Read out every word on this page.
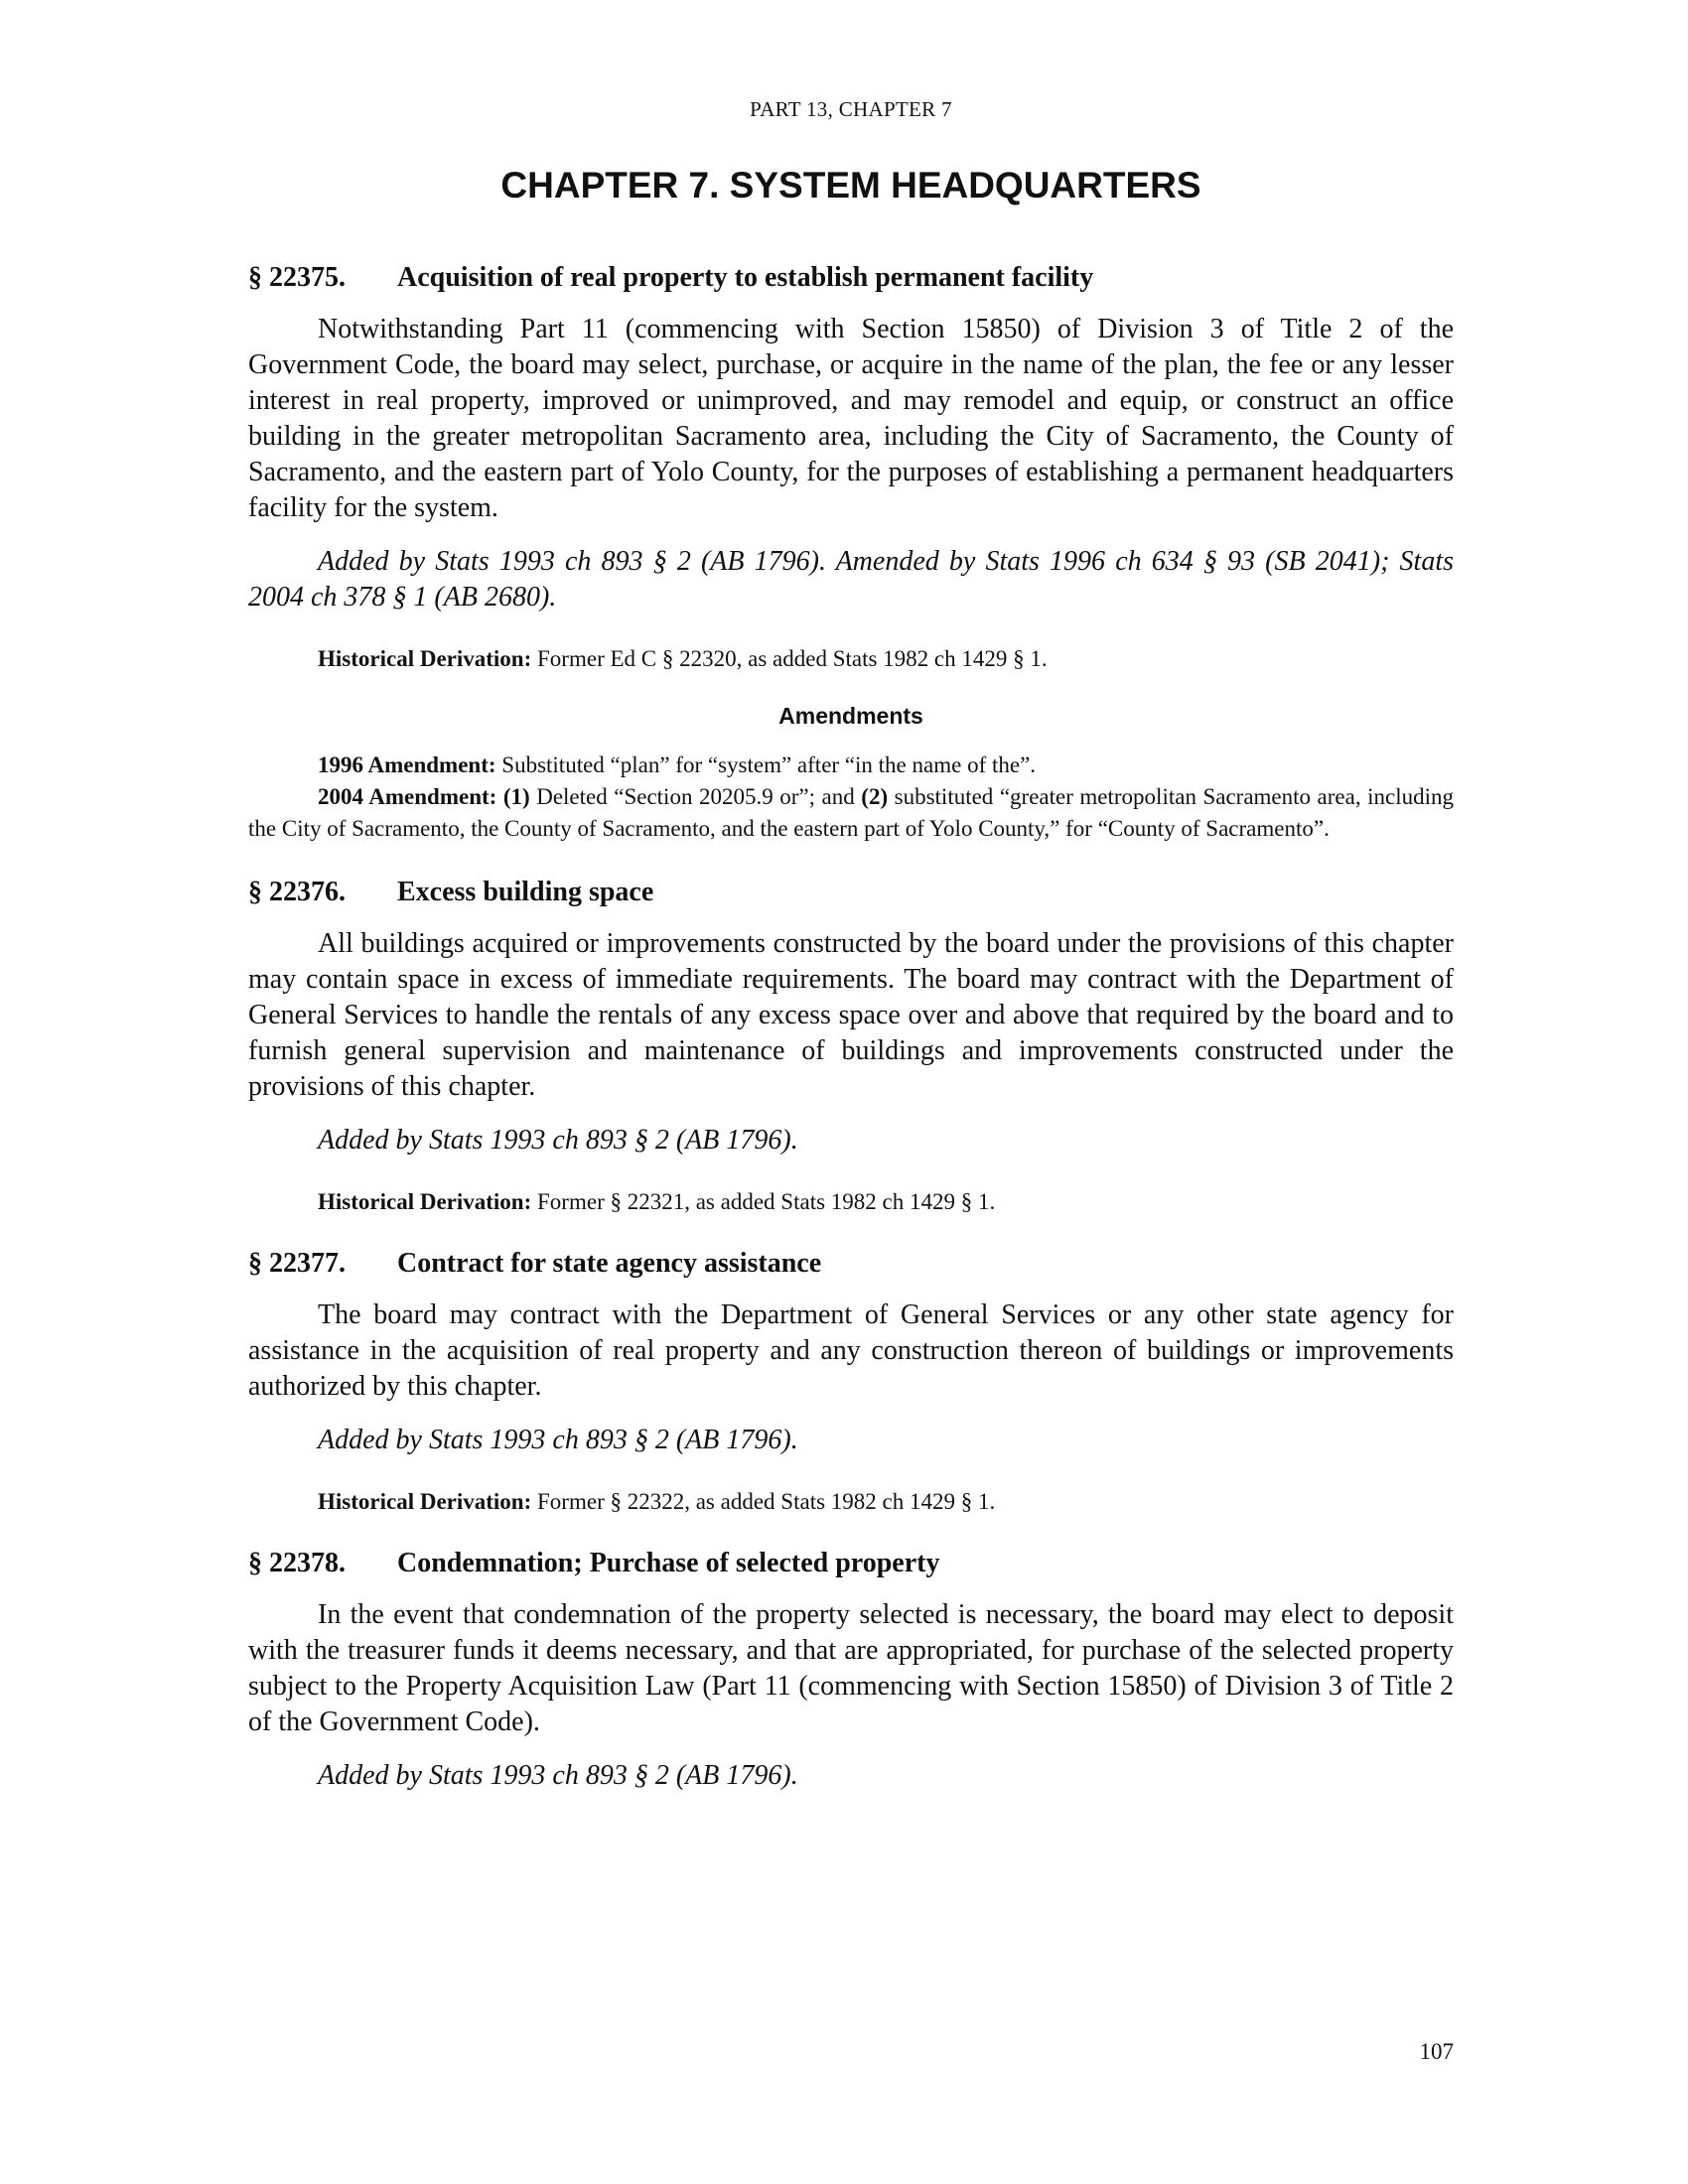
PART 13, CHAPTER 7
CHAPTER 7. SYSTEM HEADQUARTERS
§ 22375.	Acquisition of real property to establish permanent facility

Notwithstanding Part 11 (commencing with Section 15850) of Division 3 of Title 2 of the Government Code, the board may select, purchase, or acquire in the name of the plan, the fee or any lesser interest in real property, improved or unimproved, and may remodel and equip, or construct an office building in the greater metropolitan Sacramento area, including the City of Sacramento, the County of Sacramento, and the eastern part of Yolo County, for the purposes of establishing a permanent headquarters facility for the system.

Added by Stats 1993 ch 893 § 2 (AB 1796). Amended by Stats 1996 ch 634 § 93 (SB 2041); Stats 2004 ch 378 § 1 (AB 2680).

Historical Derivation: Former Ed C § 22320, as added Stats 1982 ch 1429 § 1.

Amendments

1996 Amendment: Substituted “plan” for “system” after “in the name of the”.

2004 Amendment: (1) Deleted “Section 20205.9 or”; and (2) substituted “greater metropolitan Sacramento area, including the City of Sacramento, the County of Sacramento, and the eastern part of Yolo County,” for “County of Sacramento”.

§ 22376.	Excess building space

All buildings acquired or improvements constructed by the board under the provisions of this chapter may contain space in excess of immediate requirements. The board may contract with the Department of General Services to handle the rentals of any excess space over and above that required by the board and to furnish general supervision and maintenance of buildings and improvements constructed under the provisions of this chapter.

Added by Stats 1993 ch 893 § 2 (AB 1796).

Historical Derivation: Former § 22321, as added Stats 1982 ch 1429 § 1.

§ 22377.	Contract for state agency assistance

The board may contract with the Department of General Services or any other state agency for assistance in the acquisition of real property and any construction thereon of buildings or improvements authorized by this chapter.

Added by Stats 1993 ch 893 § 2 (AB 1796).

Historical Derivation: Former § 22322, as added Stats 1982 ch 1429 § 1.

§ 22378.	Condemnation; Purchase of selected property

In the event that condemnation of the property selected is necessary, the board may elect to deposit with the treasurer funds it deems necessary, and that are appropriated, for purchase of the selected property subject to the Property Acquisition Law (Part 11 (commencing with Section 15850) of Division 3 of Title 2 of the Government Code).

Added by Stats 1993 ch 893 § 2 (AB 1796).

107
